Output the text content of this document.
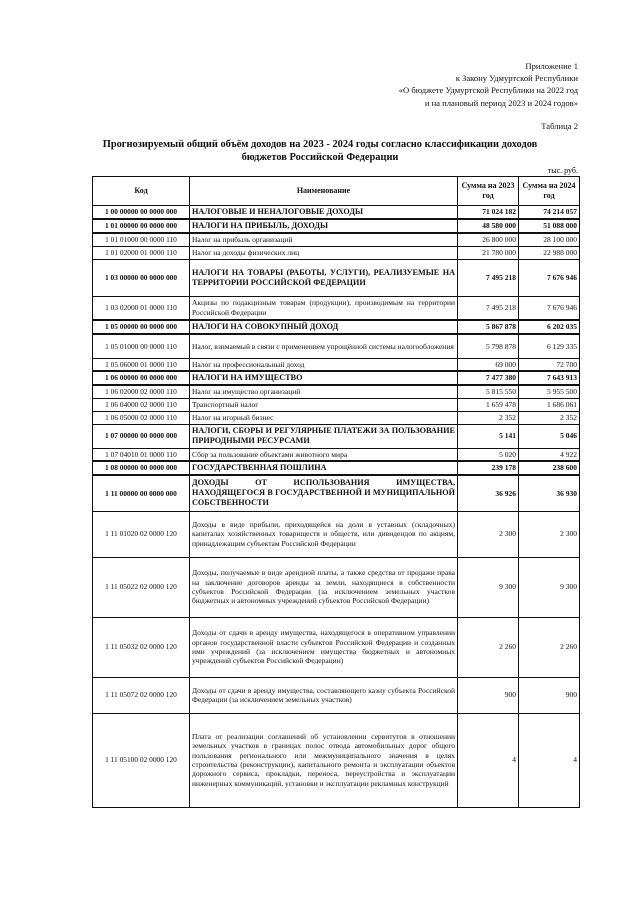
Приложение 1
к Закону Удмуртской Республики
«О бюджете Удмуртской Республики на 2022 год
и на плановый период 2023 и 2024 годов»
Таблица 2
Прогнозируемый общий объём доходов на 2023 - 2024 годы согласно классификации доходов
бюджетов Российской Федерации
тыс. руб.
Код	Наименование	Сумма на 2023 год	Сумма на 2024 год
1 00 00000 00 0000 000	НАЛОГОВЫЕ И НЕНАЛОГОВЫЕ ДОХОДЫ	71 024 182	74 214 057
1 01 00000 00 0000 000	НАЛОГИ НА ПРИБЫЛЬ, ДОХОДЫ	48 580 000	51 088 000
1 01 01000 00 0000 110	Налог на прибыль организаций	26 800 000	28 100 000
1 01 02000 01 0000 110	Налог на доходы физических лиц	21 780 000	22 988 000
1 03 00000 00 0000 000	НАЛОГИ НА ТОВАРЫ (РАБОТЫ, УСЛУГИ), РЕАЛИЗУЕМЫЕ НА ТЕРРИТОРИИ РОССИЙСКОЙ ФЕДЕРАЦИИ	7 495 218	7 676 946
1 03 02000 01 0000 110	Акцизы по подакцизным товарам (продукции), производимым на территории Российской Федерации	7 495 218	7 676 946
1 05 00000 00 0000 000	НАЛОГИ НА СОВОКУПНЫЙ ДОХОД	5 867 878	6 202 035
1 05 01000 00 0000 110	Налог, взимаемый в связи с применением упрощённой системы налогообложения	5 798 878	6 129 335
1 05 06000 01 0000 110	Налог на профессиональный доход	69 000	72 700
1 06 00000 00 0000 000	НАЛОГИ НА ИМУЩЕСТВО	7 477 380	7 643 913
1 06 02000 02 0000 110	Налог на имущество организаций	5 815 550	5 955 500
1 06 04000 02 0000 110	Транспортный налог	1 659 478	1 686 061
1 06 05000 02 0000 110	Налог на игорный бизнес	2 352	2 352
1 07 00000 00 0000 000	НАЛОГИ, СБОРЫ И РЕГУЛЯРНЫЕ ПЛАТЕЖИ ЗА ПОЛЬЗОВАНИЕ ПРИРОДНЫМИ РЕСУРСАМИ	5 141	5 046
1 07 04010 01 0000 110	Сбор за пользование объектами животного мира	5 020	4 922
1 08 00000 00 0000 000	ГОСУДАРСТВЕННАЯ ПОШЛИНА	239 178	238 600
1 11 00000 00 0000 000	ДОХОДЫ ОТ ИСПОЛЬЗОВАНИЯ ИМУЩЕСТВА, НАХОДЯЩЕГОСЯ В ГОСУДАРСТВЕННОЙ И МУНИЦИПАЛЬНОЙ СОБСТВЕННОСТИ	36 926	36 930
1 11 01020 02 0000 120	Доходы в виде прибыли, приходящейся на доли в уставных (складочных) капиталах хозяйственных товариществ и обществ, или дивидендов по акциям, принадлежащим субъектам Российской Федерации	2 300	2 300
1 11 05022 02 0000 120	Доходы, получаемые в виде арендной платы, а также средства от продажи права на заключение договоров аренды за земли, находящиеся в собственности субъектов Российской Федерации (за исключением земельных участков бюджетных и автономных учреждений субъектов Российской Федерации)	9 300	9 300
1 11 05032 02 0000 120	Доходы от сдачи в аренду имущества, находящегося в оперативном управлении органов государственной власти субъектов Российской Федерации и созданных ими учреждений (за исключением имущества бюджетных и автономных учреждений субъектов Российской Федерации)	2 260	2 260
1 11 05072 02 0000 120	Доходы от сдачи в аренду имущества, составляющего казну субъекта Российской Федерации (за исключением земельных участков)	900	900
1 11 05100 02 0000 120	Плата от реализации соглашений об установлении сервитутов в отношении земельных участков в границах полос отвода автомобильных дорог общего пользования регионального или межмуниципального значения в целях строительства (реконструкции), капитального ремонта и эксплуатации объектов дорожного сервиса, прокладки, переноса, переустройства и эксплуатации инженерных коммуникаций, установки и эксплуатации рекламных конструкций	4	4
